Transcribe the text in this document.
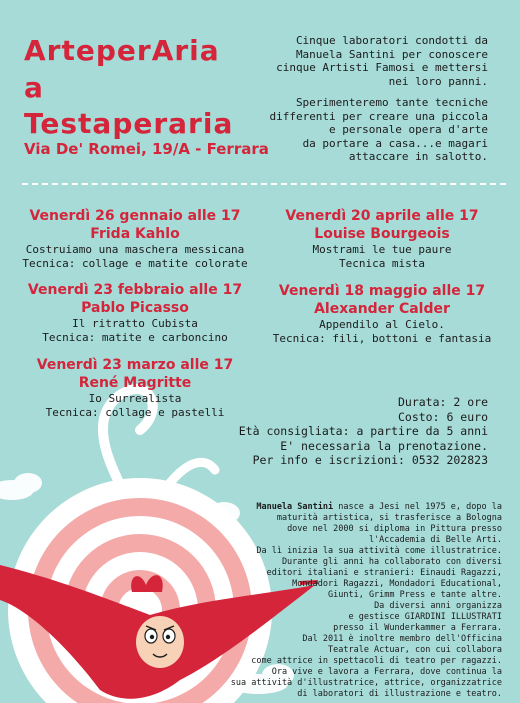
ArteperAria
a
Testaperaria
Via De' Romei, 19/A - Ferrara
Cinque laboratori condotti da
Manuela Santini per conoscere
cinque Artisti Famosi e mettersi
nei loro panni.
Sperimenteremo tante tecniche
differenti per creare una piccola
e personale opera d'arte
da portare a casa...e magari
attaccare in salotto.
Venerdì 26 gennaio alle 17
Frida Kahlo
Costruiamo una maschera messicana
Tecnica: collage e matite colorate
Venerdì 23 febbraio alle 17
Pablo Picasso
Il ritratto Cubista
Tecnica: matite e carboncino
Venerdì 23 marzo alle 17
René Magritte
Io Surrealista
Tecnica: collage e pastelli
Venerdì 20 aprile alle 17
Louise Bourgeois
Mostrami le tue paure
Tecnica mista
Venerdì 18 maggio alle 17
Alexander Calder
Appendilo al Cielo.
Tecnica: fili, bottoni e fantasia
Durata: 2 ore
Costo: 6 euro
Età consigliata: a partire da 5 anni
E' necessaria la prenotazione.
Per info e iscrizioni: 0532 202823
Manuela Santini nasce a Jesi nel 1975 e, dopo la
maturità artistica, si trasferisce a Bologna
dove nel 2000 si diploma in Pittura presso
l'Accademia di Belle Arti.
Da lì inizia la sua attività come illustratrice.
Durante gli anni ha collaborato con diversi
editori italiani e stranieri: Einaudi Ragazzi,
Mondadori Ragazzi, Mondadori Educational,
Giunti, Grimm Press e tante altre.
Da diversi anni organizza
e gestisce GIARDINI ILLUSTRATI
presso il Wunderkammer a Ferrara.
Dal 2011 è inoltre membro dell'Officina
Teatrale Actuar, con cui collabora
come attrice in spettacoli di teatro per ragazzi.
Ora vive e lavora a Ferrara, dove continua la
sua attività d'illustratrice, attrice, organizzatrice
di laboratori di illustrazione e teatro.
